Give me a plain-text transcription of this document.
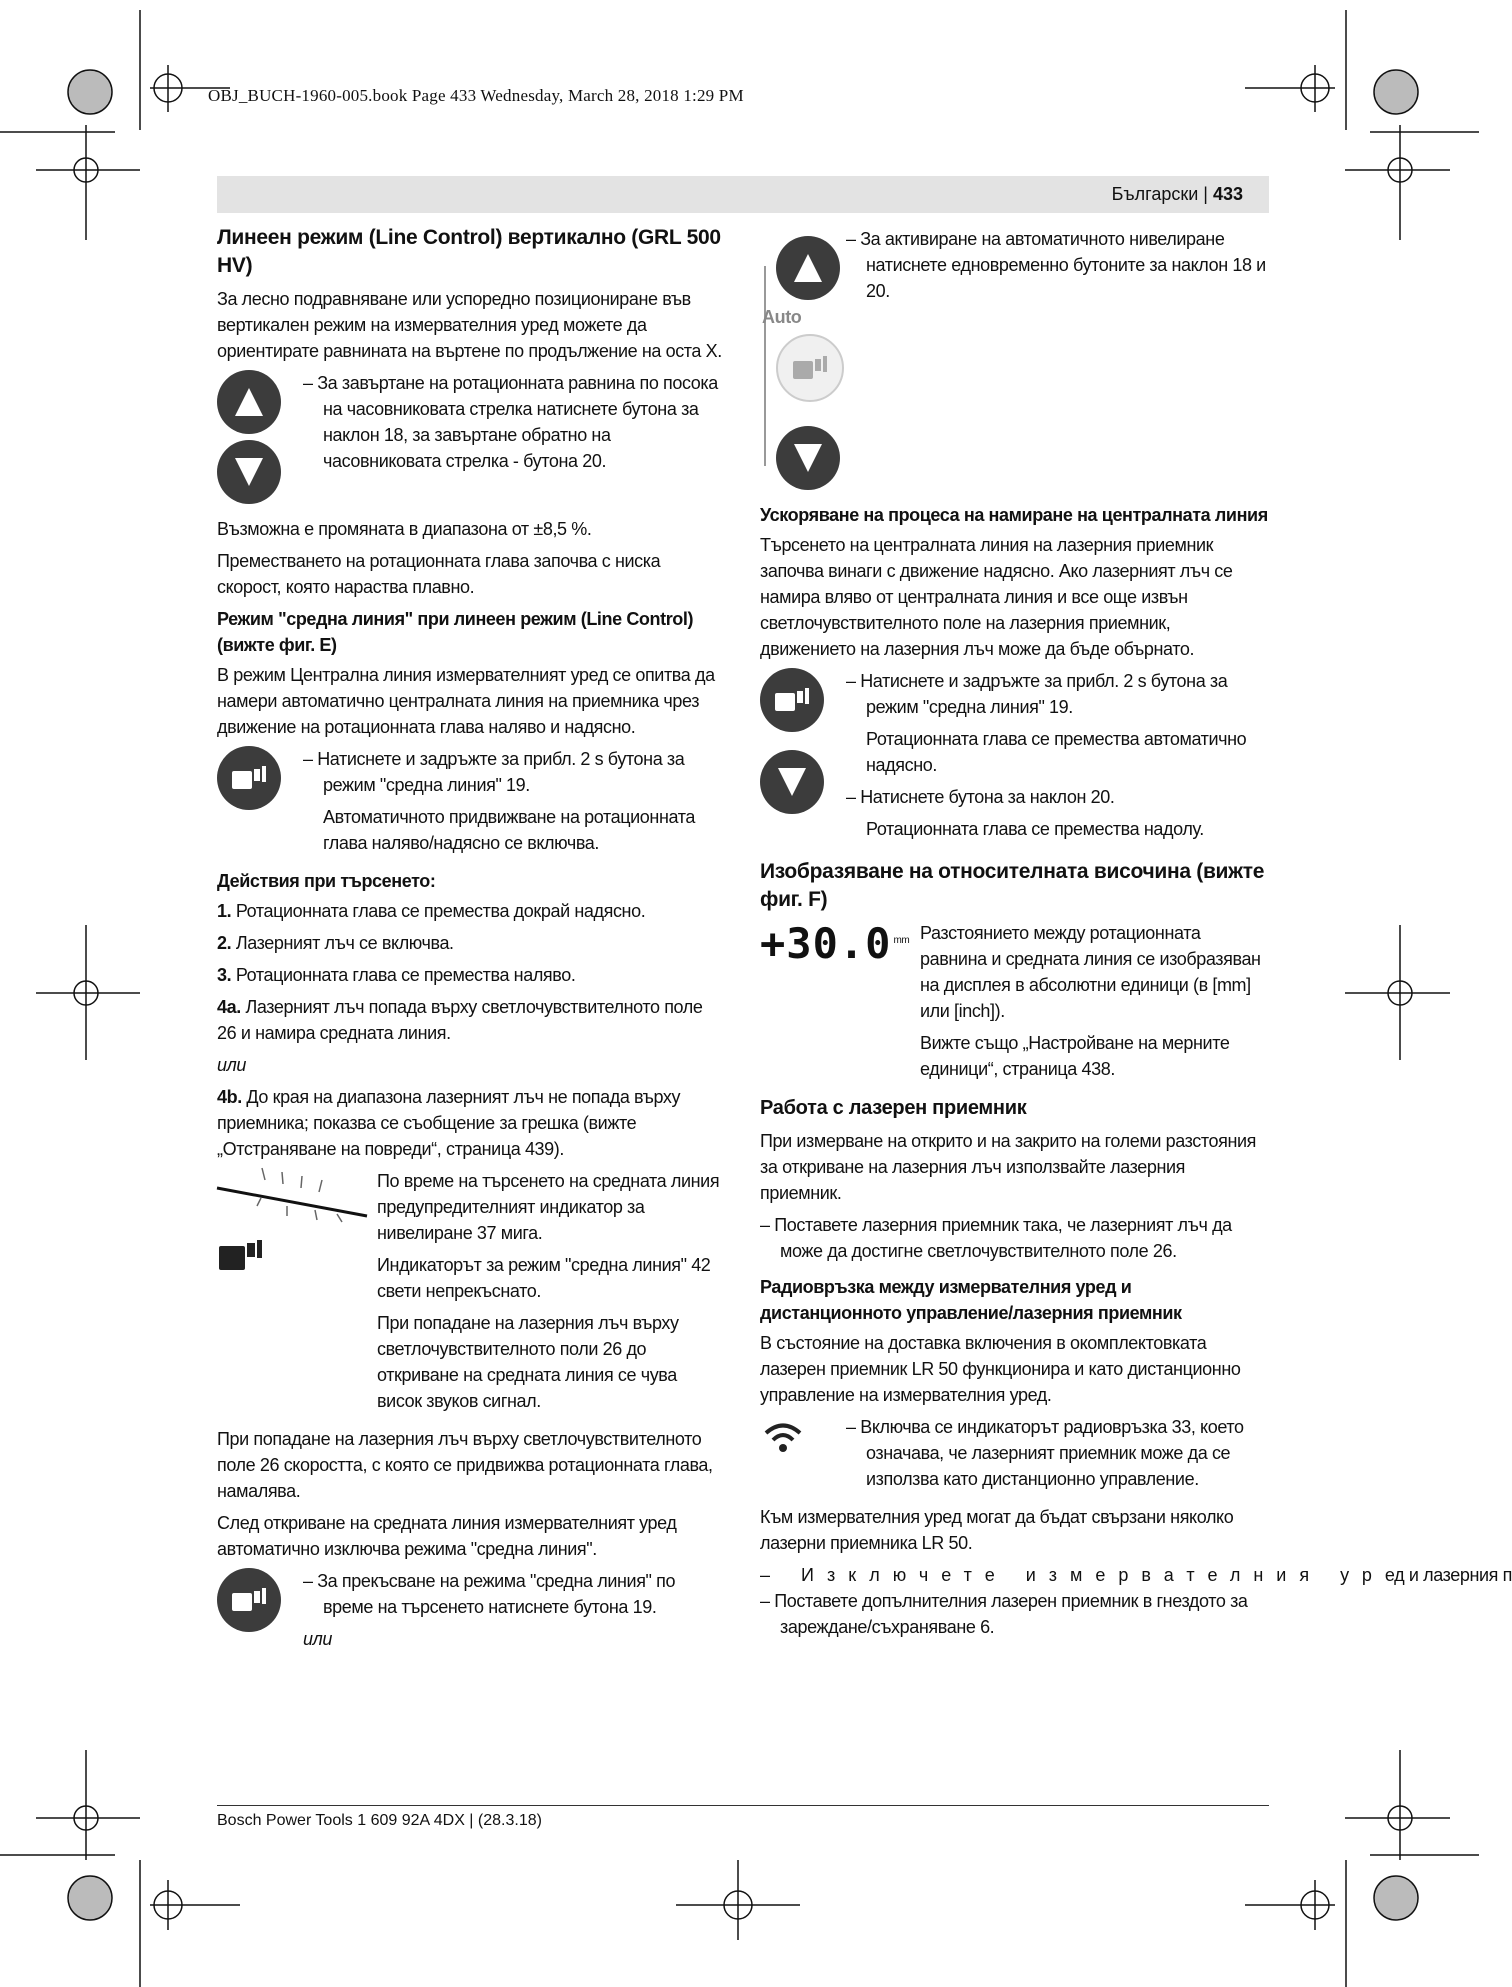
OBJ_BUCH-1960-005.book Page 433 Wednesday, March 28, 2018 1:29 PM
Български | 433
Линеен режим (Line Control) вертикално (GRL 500 HV)

За лесно подравняване или успоредно позициониране във вертикален режим на измервателния уред можете да ориентирате равнината на въртене по продължение на оста X.

– За завъртане на ротационната равнина по посока на часовниковата стрелка натиснете бутона за наклон 18, за завъртане обратно на часовниковата стрелка - бутона 20.

Възможна е промяната в диапазона от ±8,5 %.

Преместването на ротационната глава започва с ниска скорост, която нараства плавно.

Режим "средна линия" при линеен режим (Line Control) (вижте фиг. E)

В режим Централна линия измервателният уред се опитва да намери автоматично централната линия на приемника чрез движение на ротационната глава наляво и надясно.

– Натиснете и задръжте за прибл. 2 s бутона за режим "средна линия" 19.

Автоматичното придвижване на ротационната глава наляво/надясно се включва.

Действия при търсенето:

1. Ротационната глава се премества докрай надясно.

2. Лазерният лъч се включва.

3. Ротационната глава се премества наляво.

4a. Лазерният лъч попада върху светлочувствителното поле 26 и намира средната линия.

или

4b. До края на диапазона лазерният лъч не попада върху приемника; показва се съобщение за грешка (вижте „Отстраняване на повреди“, страница 439).

По време на търсенето на средната линия предупредителният индикатор за нивелиране 37 мига.

Индикаторът за режим "средна линия" 42 свети непрекъснато.

При попадане на лазерния лъч върху светлочувствителното поли 26 до откриване на средната линия се чува висок звуков сигнал.

При попадане на лазерния лъч върху светлочувствителното поле 26 скоростта, с която се придвижва ротационната глава, намалява.

След откриване на средната линия измервателният уред автоматично изключва режима "средна линия".

– За прекъсване на режима "средна линия" по време на търсенето натиснете бутона 19.

или

Auto

– За активиране на автоматичното нивелиране натиснете едновременно бутоните за наклон 18 и 20.

Ускоряване на процеса на намиране на централната линия

Търсенето на централната линия на лазерния приемник започва винаги с движение надясно. Ако лазерният лъч се намира вляво от централната линия и все още извън светлочувствителното поле на лазерния приемник, движението на лазерния лъч може да бъде обърнато.

– Натиснете и задръжте за прибл. 2 s бутона за режим "средна линия" 19.

Ротационната глава се премества автоматично надясно.

– Натиснете бутона за наклон 20.

Ротационната глава се премества надолу.

Изобразяване на относителната височина (вижте фиг. F)
+30.0 mm Разстоянието между ротационната равнина и средната линия се изобразяван на дисплея в абсолютни единици (в [mm] или [inch]).

Вижте също „Настройване на мерните единици“, страница 438.

Работа с лазерен приемник

При измерване на открито и на закрито на големи разстояния за откриване на лазерния лъч използвайте лазерния приемник.

– Поставете лазерния приемник така, че лазерният лъч да може да достигне светлочувствителното поле 26.

Радиовръзка между измервателния уред и дистанционното управление/лазерния приемник

В състояние на доставка включения в окомплектовката лазерен приемник LR 50 функционира и като дистанционно управление на измервателния уред.

– Включва се индикаторът радиовръзка 33, което означава, че лазерният приемник може да се използва като дистанционно управление.

Към измервателния уред могат да бъдат свързани няколко лазерни приемника LR 50.

– Изключете измервателния уред и лазерния п

– Поставете допълнителния лазерен приемник в гнездото за зареждане/съхраняване 6.

Bosch Power Tools 1 609 92A 4DX | (28.3.18)
